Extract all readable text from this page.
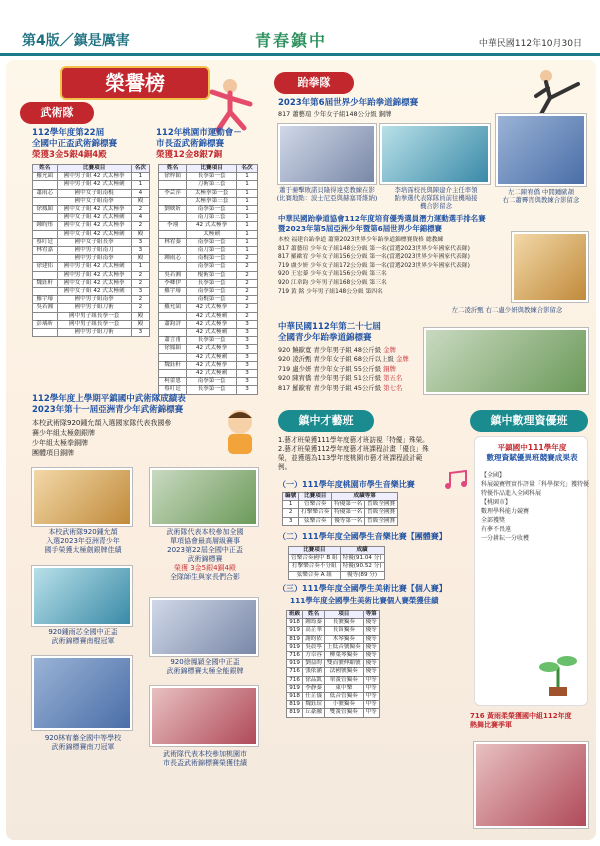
第4版／鎮是厲害	青春鎮中	中華民國112年10月30日
榮譽榜
武術隊
112學年度第22屆
全國中正盃武術錦標賽
榮獲3金5銀4銅4殿
112年桃園市運動會－
市長盃武術錦標賽
榮獲12金8銀7銅
姓名	比賽項目	名次
羅允頡	國中男子組 42 式太極拳	1
	國中男子組 42 式太極劍	1
蕭雨芯	國中女子組南棍	4
	國中女子組南拳	殿
徐鳳穎	國中女子組 42 式太極拳	2
	國中女子組 42 式太極劍	4
鍾昀彤	國中女子組 42 式太極拳	2
	國中女子組 42 式太極劍	殿
蔡叮廷	國中女子組長拳	3
林宥嘉	國中男子組南刀	3
	國中男子組南拳	殿
徐建佑	國中男子組 42 式太極劍	1
	國中男子組 42 式太極拳	2
魏鈺軒	國中女子組 42 式太極拳	2
	國中女子組 42 式太極劍	3
羅宇璿	國中男子組南拳	2
吳若湘	國中男子組刀術	2
	國中男子組長拳一套	殿
彭瑀昕	國中男子組長拳一套	殿
	國中男子組刀術	3
姓名	比賽項目	名次
徐梓穎	長拳第一套	1
	刀術第三套	1
李芸萍	太極拳第一套	1
	太極拳第三套	1
劉映妡	南拳第一套	1
	南刀第三套	1
李翊	42 式太極拳	1
	太極劍	1
林宥蓁	南拳第一套	1
	南刀第一套	1
鍾雨芯	南棍第一套	2
	南拳第一套	2
吳若湘	棍術第一套	2
李卿伊	長拳第一套	2
羅宇璿	南拳第一套	2
	南棍第一套	2
羅允頡	42 式太極拳	2
	42 式太極劍	2
蕭鈞評	42 式太極拳	3
	42 式太極劍	3
蕭言甫	長拳第一套	3
徐鳳穎	42 式太極拳	3
	42 式太極劍	3
魏鈺軒	42 式太極拳	3
	42 式太極劍	3
柯蕾恩	南拳第一套	3
蔡叮廷	長拳第一套	3
112學年度上學期平鎮國中武術隊成績表
2023年第十一屆亞洲青少年武術錦標賽
本校武術隊920鍾允頡入選國家隊代表我國參
賽少年組太極劍銀牌
少年組太極拳銅牌
團體項目銅牌
本校武術隊920鍾允頡
入選2023年亞洲青少年
國手榮獲太極劍銀牌佳績
武術隊代表本校參加全國
單項協會最高層級賽事
2023第22屆全國中正盃
武術錦標賽
榮獲 3金5銀4銅4殿
全隊師生與家長們合影
920鍾雨芯全國中正盃
武術錦標賽南棍冠軍
920徐鳳穎全國中正盃
武術錦標賽太極全能銀牌
920林宥蓁全國中等學校
武術錦標賽南刀冠軍
武術隊代表本校參加桃園市
市長盃武術錦標賽榮獲佳績
跆拳隊
2023年第6屆世界少年跆拳道錦標賽
817 蕭藝瑄 少年女子組148公分級 銅牌
蕭于蓁擊敗諾貝隆得達克教練在影
(比賽地點：波士尼亞與赫塞哥維納)
李培霈校長與陳建介主任率領
跆拳選代表隊隊員前往機場接
機合影留念
左二陳宥僑 中間鍾歐頡
右二蕭霽宵與教練合影留念
中華民國跆拳道協會112年度培育優秀選員潛力運動選手排名賽
暨2023年第5屆亞洲少年暨第6屆世界少年錦標賽
本校 福建台跆拳道 蕭黨2023世界少年跆拳道錦標賽資格 總教練
817 蕭藝瑄 少年女子組148公分級 第一名(當選2023世界少年國家代表隊)
817 羅歐宥 少年女子組156公分級 第一名(當選2023世界少年國家代表隊)
719 盧少妍 少年女子組172公分級 第一名(當選2023世界少年國家代表隊)
920 王宏蓁 少年女子組156公分級 第三名
920 江韋鈞 少年男子組168公分級 第三名
719 黃 銘 少年男子組148公分級 第四名
左二凌沂甄 右二盧少妍與教練合影留念
中華民國112年第二十七屆
全國青少年跆拳道錦標賽
920 饒歐寬 青少年男子組 48公斤級 金牌
920 凌沂甄 青少年女子組 68公斤以上級 金牌
719 盧少妍 青少年女子組 55公斤級 銅牌
920 陳宥僑 青少年男子組 51公斤級 第五名
817 羅歐宥 青少年男子組 45公斤級 第七名
鎮中才藝班	鎮中數理資優班
1.藝才班榮獲111學年度藝才班訪視「特優」殊榮。
2.藝才班榮獲112學年度藝才班課程計畫「優良」殊
榮，並獲選為113學年度桃園市藝才班課程設計範
例。
（一）111學年度桃園市學生音樂比賽
編號	比賽項目	成績等第	
1	管樂合奏	特優第一名	晉級全國賽
2	打擊樂合奏	特優第一名	晉級全國賽
3	弦樂合奏	優等第一名	晉級全國賽
（二）111學年度全國學生音樂比賽【團體賽】
比賽項目	成績
管樂合奏國中 B 組	特優(91.04 分)
打擊樂合奏不分組	特優(90.52 分)
弦樂合奏 A 組	優等(89 分)
（三）111學年度全國學生美術比賽【個人賽】
111學年度全國學生美術比賽個人賽榮獲佳績
班級	姓名	項目	等第
918	鍾筠蓁	長號獨奏	優等
919	高芷華	長笛獨奏	優等
819	謝昀依	木琴獨奏	優等
919	吳晨寧	上低音號獨奏	優等
716	方卓容	柳葉琴獨奏	優等
919	劉益昀	雙而號伸縮號	優等
716	張依涵	法國號獨奏	優等
716	徐品凱	單簧管獨奏	甲等
919	李靜蓁	東中樂	甲等
918	任芷儀	低音管獨奏	甲等
819	魏鈺瑄	小號獨奏	甲等
819	丘豪融	雙簧管獨奏	甲等
平鎮國中111學年度
數理資賦優異班競賽成果表
【全國】
科展競賽暨實作評量「科學探究」獲特優
特優作品進入全國科展
【桃園市】
數理學科能力競賽
全部獲獎
有夢不畏遠
一分耕耘一分收穫
716 黃雨柔榮獲國中組112年度
熱舞比賽季軍
